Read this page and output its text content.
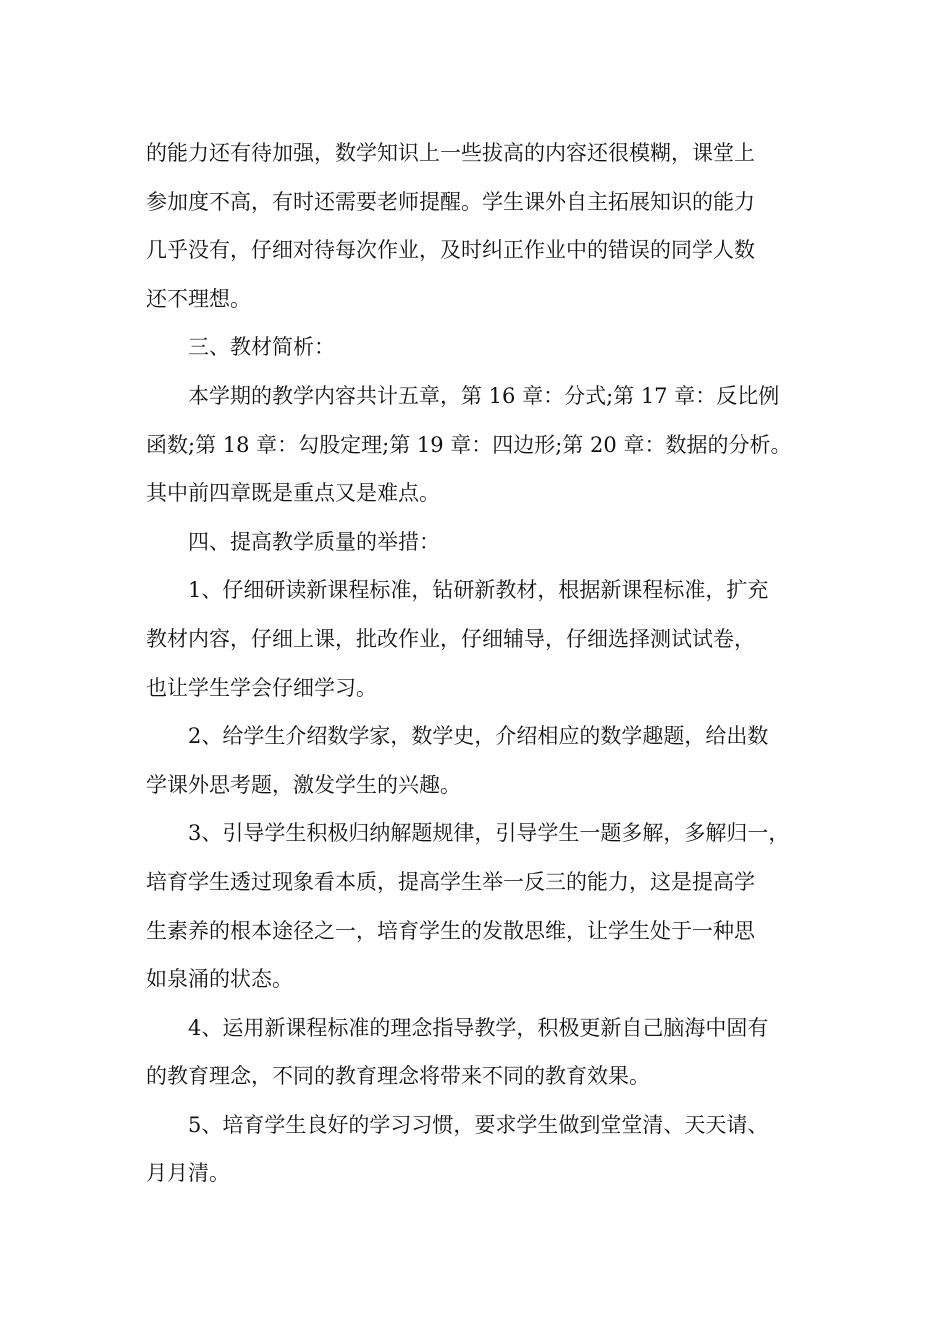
的能力还有待加强，数学知识上一些拔高的内容还很模糊，课堂上
参加度不高，有时还需要老师提醒。学生课外自主拓展知识的能力
几乎没有，仔细对待每次作业，及时纠正作业中的错误的同学人数
还不理想。
三、教材简析：
本学期的教学内容共计五章，第 16 章：分式;第 17 章：反比例
函数;第 18 章：勾股定理;第 19 章：四边形;第 20 章：数据的分析。
其中前四章既是重点又是难点。
四、提高教学质量的举措：
1、仔细研读新课程标准，钻研新教材，根据新课程标准，扩充
教材内容，仔细上课，批改作业，仔细辅导，仔细选择测试试卷，
也让学生学会仔细学习。
2、给学生介绍数学家，数学史，介绍相应的数学趣题，给出数
学课外思考题，激发学生的兴趣。
3、引导学生积极归纳解题规律，引导学生一题多解，多解归一，
培育学生透过现象看本质，提高学生举一反三的能力，这是提高学
生素养的根本途径之一，培育学生的发散思维，让学生处于一种思
如泉涌的状态。
4、运用新课程标准的理念指导教学，积极更新自己脑海中固有
的教育理念，不同的教育理念将带来不同的教育效果。
5、培育学生良好的学习习惯，要求学生做到堂堂清、天天请、
月月清。
